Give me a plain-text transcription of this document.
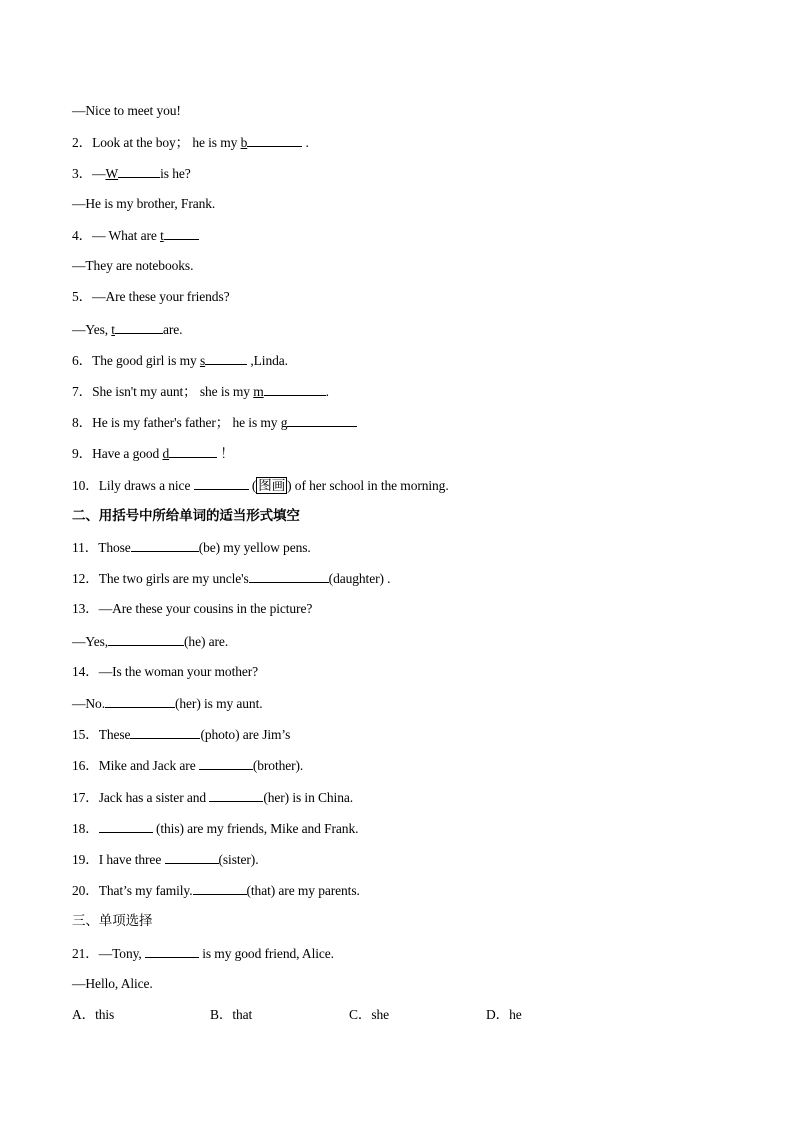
—Nice to meet you!
2．Look at the boy； he is my b	.
3．—W	is he?
—He is my brother, Frank.
4．— What are t
—They are notebooks.
5．—Are these your friends?
—Yes, t	are.
6．The good girl is my s	,Linda.
7．She isn't my aunt； she is my m	.
8．He is my father's father； he is my g
9．Have a good d	！
10．Lily draws a nice	( 图画 ) of her school in the morning.
二、用括号中所给单词的适当形式填空
11．Those	(be) my yellow pens.
12．The two girls are my uncle's	(daughter) .
13．—Are these your cousins in the picture?
—Yes,	(he) are.
14．—Is the woman your mother?
—No.	(her) is my aunt.
15．These	(photo) are Jim’s
16．Mike and Jack are	(brother).
17．Jack has a sister and	(her) is in China.
18．	(this) are my friends, Mike and Frank.
19．I have three	(sister).
20．That’s my family.	(that) are my parents.
三、单项选择
21．—Tony,	is my good friend, Alice.
—Hello, Alice.
A．this	B．that	C．she	D．he
